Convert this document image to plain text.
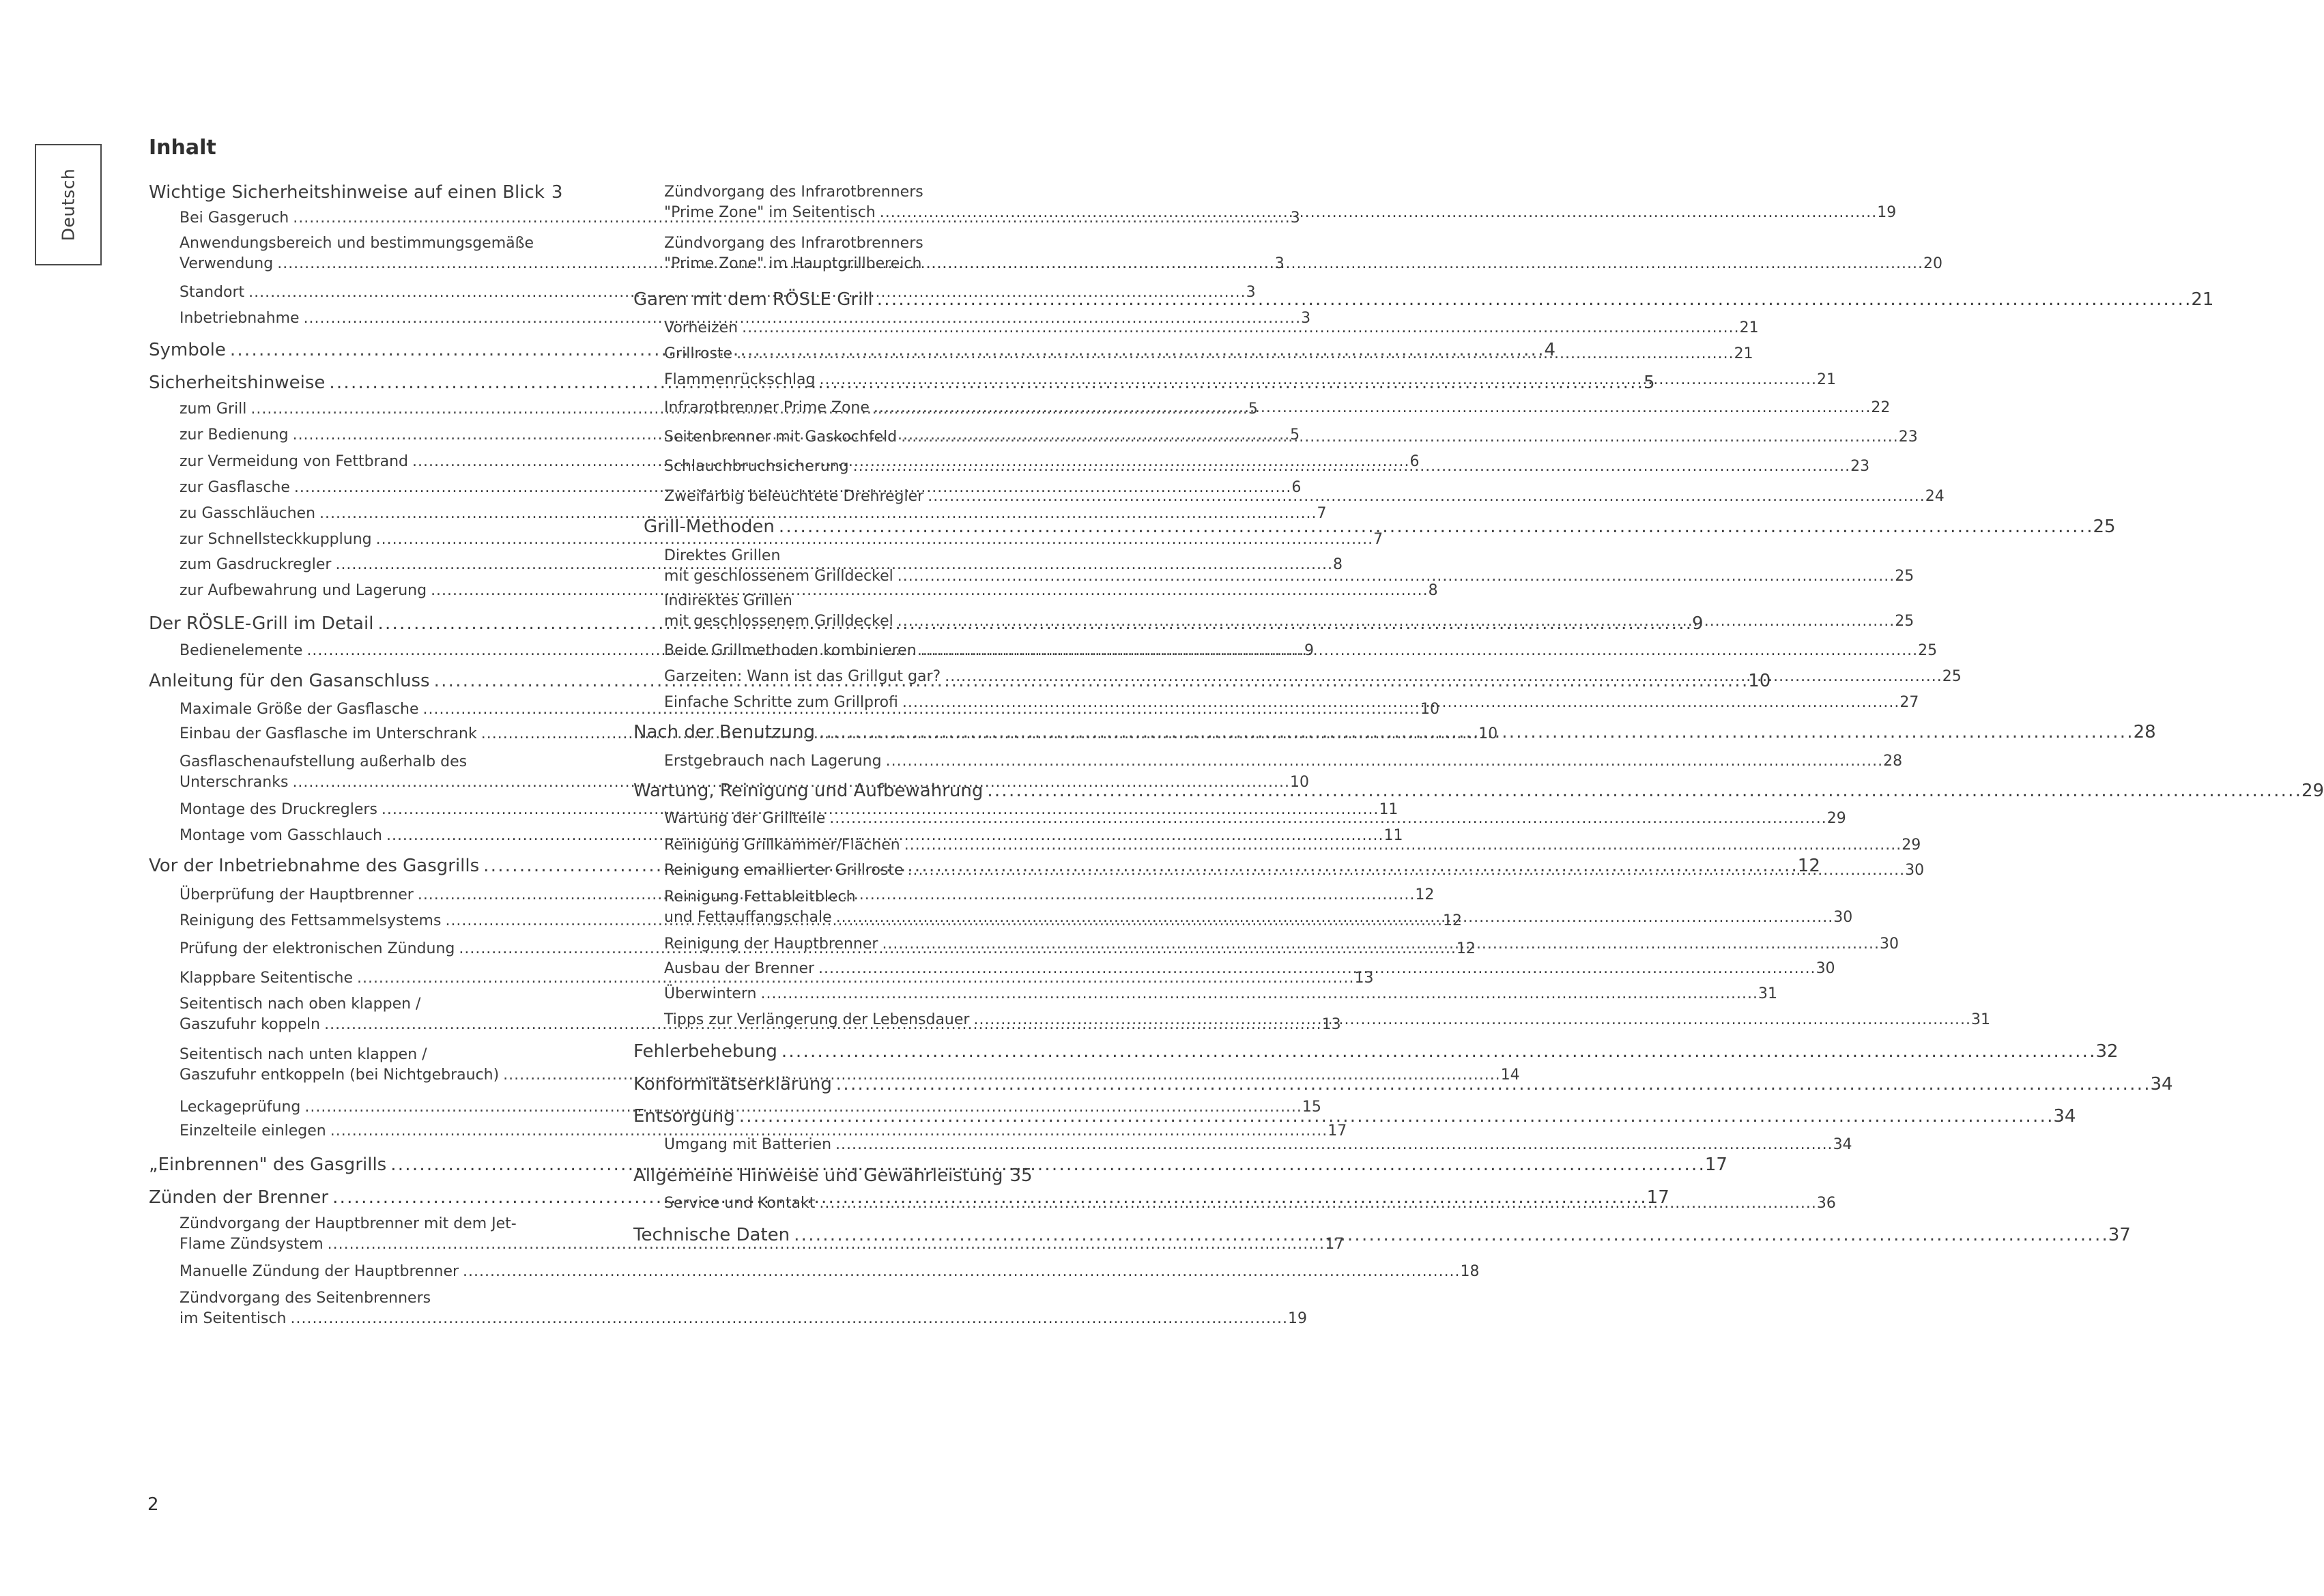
Deutsch
Inhalt
Wichtige Sicherheitshinweise auf einen Blick 3
Bei Gasgeruch . . .	3
Anwendungsbereich und bestimmungsgemäße
Verwendung . . .	3
Standort . . .	3
Inbetriebnahme . . .	3
Symbole . . .	4
Sicherheitshinweise . . .	5
zum Grill . . .	5
zur Bedienung . . .	5
zur Vermeidung von Fettbrand . . .	6
zur Gasflasche . . .	6
zu Gasschläuchen . . .	7
zur Schnellsteckkupplung . . .	7
zum Gasdruckregler . . .	8
zur Aufbewahrung und Lagerung . . .	8
Der RÖSLE-Grill im Detail . . .	9
Bedienelemente . . .	9
Anleitung für den Gasanschluss . . .	10
Maximale Größe der Gasflasche . . .	10
Einbau der Gasflasche im Unterschrank . . .	10
Gasflaschenaufstellung außerhalb des
Unterschranks . . .	10
Montage des Druckreglers . . .	11
Montage vom Gasschlauch . . .	11
Vor der Inbetriebnahme des Gasgrills . . .	12
Überprüfung der Hauptbrenner . . .	12
Reinigung des Fettsammelsystems . . .	12
Prüfung der elektronischen Zündung . . .	12
Klappbare Seitentische . . .	13
Seitentisch nach oben klappen /
Gaszufuhr koppeln . . .	13
Seitentisch nach unten klappen /
Gaszufuhr entkoppeln (bei Nichtgebrauch) . . .	14
Leckageprüfung . . .	15
Einzelteile einlegen . . .	17
„Einbrennen" des Gasgrills . . .	17
Zünden der Brenner . . .	17
Zündvorgang der Hauptbrenner mit dem Jet-
Flame Zündsystem . . .	17
Manuelle Zündung der Hauptbrenner . . .	18
Zündvorgang des Seitenbrenners
im Seitentisch . . .	19
Zündvorgang des Infrarotbrenners
"Prime Zone" im Seitentisch . . .	19
Zündvorgang des Infrarotbrenners
"Prime Zone" im Hauptgrillbereich . . .	20
Garen mit dem RÖSLE Grill . . .	21
Vorheizen . . .	21
Grillroste . . .	21
Flammenrückschlag . . .	21
Infrarotbrenner Prime Zone . . .	22
Seitenbrenner mit Gaskochfeld . . .	23
Schlauchbruchsicherung . . .	23
Zweifarbig beleuchtete Drehregler . . .	24
Grill-Methoden . . .	25
Direktes Grillen
mit geschlossenem Grilldeckel . . .	25
Indirektes Grillen
mit geschlossenem Grilldeckel . . .	25
Beide Grillmethoden kombinieren . . .	25
Garzeiten: Wann ist das Grillgut gar? . . .	25
Einfache Schritte zum Grillprofi . . .	27
Nach der Benutzung . . .	28
Erstgebrauch nach Lagerung . . .	28
Wartung, Reinigung und Aufbewahrung . . .	29
Wartung der Grillteile . . .	29
Reinigung Grillkammer/Flächen . . .	29
Reinigung emaillierter Grillroste . . .	30
Reinigung Fettableitblech
und Fettauffangschale . . .	30
Reinigung der Hauptbrenner . . .	30
Ausbau der Brenner . . .	30
Überwintern . . .	31
Tipps zur Verlängerung der Lebensdauer . . .	31
Fehlerbehebung . . .	32
Konformitätserklärung . . .	34
Entsorgung . . .	34
Umgang mit Batterien . . .	34
Allgemeine Hinweise und Gewährleistung 35
Service und Kontakt . . .	36
Technische Daten . . .	37
2
